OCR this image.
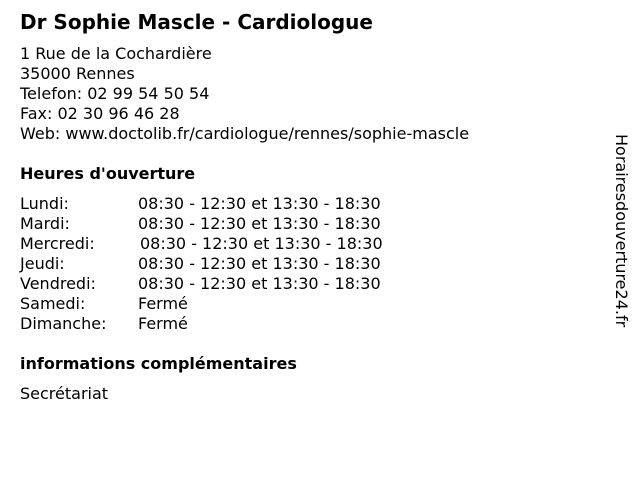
Dr Sophie Mascle - Cardiologue
1 Rue de la Cochardière
35000 Rennes
Telefon: 02 99 54 50 54
Fax: 02 30 96 46 28
Web: www.doctolib.fr/cardiologue/rennes/sophie-mascle
Heures d'ouverture
Lundi:	08:30 - 12:30 et 13:30 - 18:30
Mardi:	08:30 - 12:30 et 13:30 - 18:30
Mercredi:	08:30 - 12:30 et 13:30 - 18:30
Jeudi:	08:30 - 12:30 et 13:30 - 18:30
Vendredi:	08:30 - 12:30 et 13:30 - 18:30
Samedi:	Fermé
Dimanche: Fermé
informations complémentaires
Secrétariat
Horairesdouverture24.fr
